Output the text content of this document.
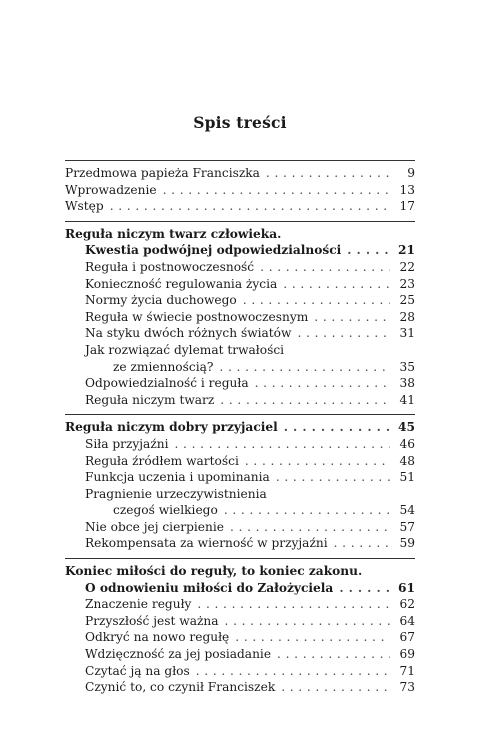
Spis treści
Przedmowa papieża Franciszka . . .	9
Wprowadzenie . . .	13
Wstęp . . .	17
Reguła niczym twarz człowieka.
Kwestia podwójnej odpowiedzialności . . .	21
Reguła i postnowoczesność . . .	22
Konieczność regulowania życia . . .	23
Normy życia duchowego . . .	25
Reguła w świecie postnowoczesnym . . .	28
Na styku dwóch różnych światów . . .	31
Jak rozwiązać dylemat trwałości
ze zmiennością? . . .	35
Odpowiedzialność i reguła . . .	38
Reguła niczym twarz . . .	41
Reguła niczym dobry przyjaciel . . .	45
Siła przyjaźni . . .	46
Reguła źródłem wartości . . .	48
Funkcja uczenia i upominania . . .	51
Pragnienie urzeczywistnienia
czegoś wielkiego . . .	54
Nie obce jej cierpienie . . .	57
Rekompensata za wierność w przyjaźni . . .	59
Koniec miłości do reguły, to koniec zakonu.
O odnowieniu miłości do Założyciela . . .	61
Znaczenie reguły . . .	62
Przyszłość jest ważna . . .	64
Odkryć na nowo regułę . . .	67
Wdzięczność za jej posiadanie . . .	69
Czytać ją na głos . . .	71
Czynić to, co czynił Franciszek . . .	73
